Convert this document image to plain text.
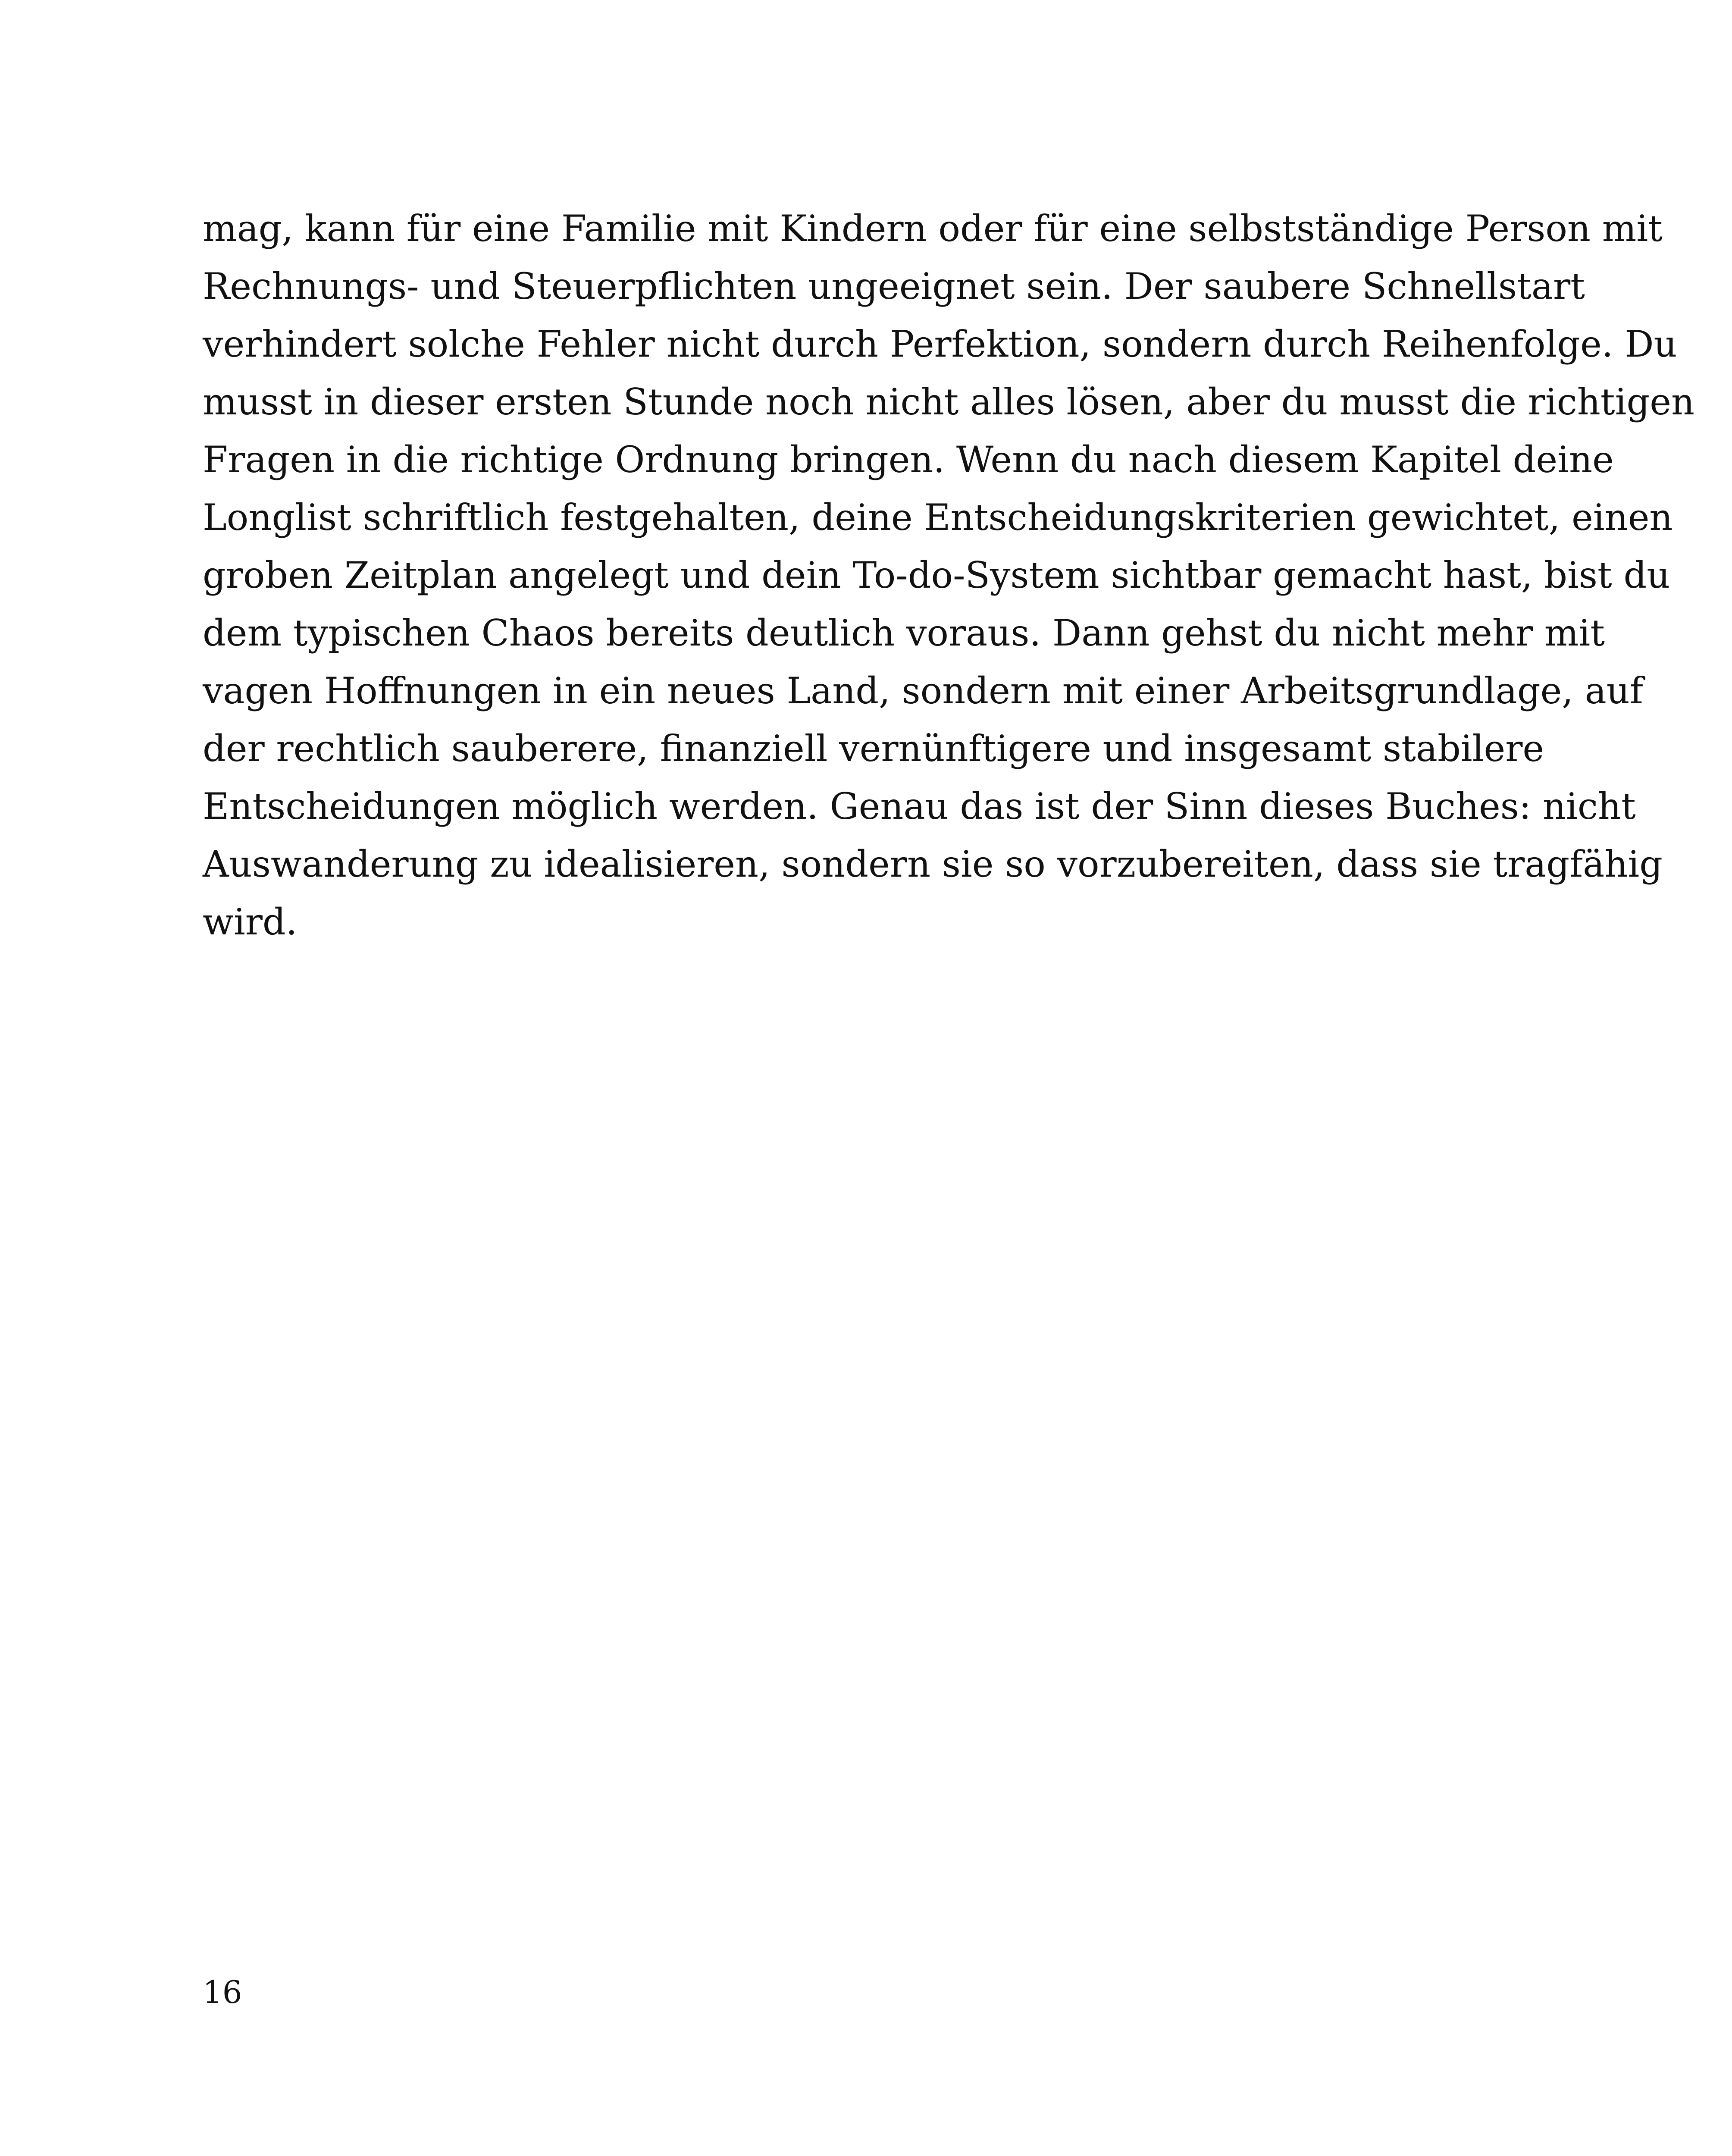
mag, kann für eine Familie mit Kindern oder für eine selbstständige Person mit
Rechnungs- und Steuerpflichten ungeeignet sein. Der saubere Schnellstart
verhindert solche Fehler nicht durch Perfektion, sondern durch Reihenfolge. Du
musst in dieser ersten Stunde noch nicht alles lösen, aber du musst die richtigen
Fragen in die richtige Ordnung bringen. Wenn du nach diesem Kapitel deine
Longlist schriftlich festgehalten, deine Entscheidungskriterien gewichtet, einen
groben Zeitplan angelegt und dein To-do-System sichtbar gemacht hast, bist du
dem typischen Chaos bereits deutlich voraus. Dann gehst du nicht mehr mit
vagen Hoffnungen in ein neues Land, sondern mit einer Arbeitsgrundlage, auf
der rechtlich sauberere, finanziell vernünftigere und insgesamt stabilere
Entscheidungen möglich werden. Genau das ist der Sinn dieses Buches: nicht
Auswanderung zu idealisieren, sondern sie so vorzubereiten, dass sie tragfähig
wird.
16
